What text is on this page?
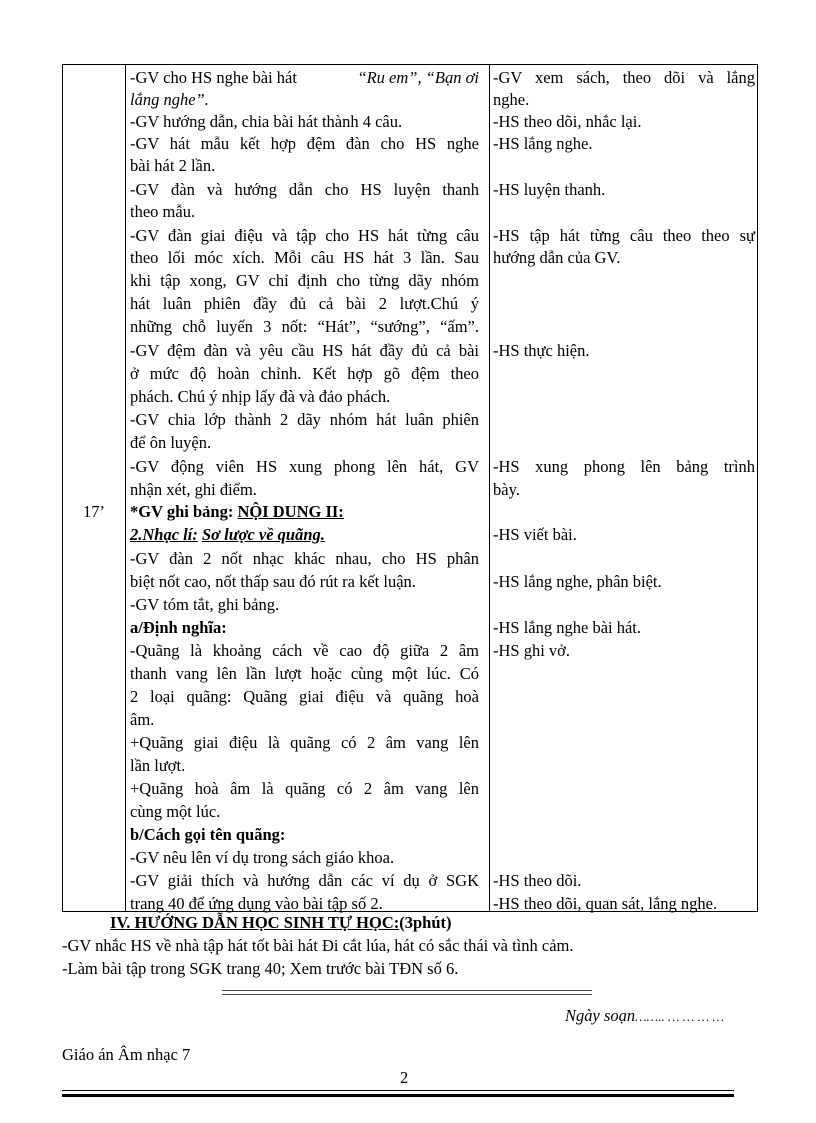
17’
-GV cho HS nghe bài hát	“Ru em”, “Bạn ơi
lắng nghe”.
-GV hướng dẫn, chia bài hát thành 4 câu.
-GV hát mẫu kết hợp đệm đàn cho HS nghe
bài hát 2 lần.
-GV đàn và hướng dẫn cho HS luyện thanh
theo mẫu.
-GV đàn giai điệu và tập cho HS hát từng câu
theo lối móc xích. Mỗi câu HS hát 3 lần. Sau
khi tập xong, GV chỉ định cho từng dãy nhóm
hát luân phiên đầy đủ cả bài 2 lượt.Chú ý
những chỗ luyến 3 nốt: “Hát”, “sướng”, “ấm”.
-GV đệm đàn và yêu cầu HS hát đầy đủ cả bài
ở mức độ hoàn chỉnh. Kết hợp gõ đệm theo
phách. Chú ý nhịp lấy đà và đảo phách.
-GV chia lớp thành 2 dãy nhóm hát luân phiên
để ôn luyện.
-GV động viên HS xung phong lên hát, GV
nhận xét, ghi điểm.
*GV ghi bảng: NỘI DUNG II:
2.Nhạc lí: Sơ lược về quãng.
-GV đàn 2 nốt nhạc khác nhau, cho HS phân
biệt nốt cao, nốt thấp sau đó rút ra kết luận.
-GV tóm tắt, ghi bảng.
a/Định nghĩa:
-Quãng là khoảng cách về cao độ giữa 2 âm
thanh vang lên lần lượt hoặc cùng một lúc. Có
2 loại quãng: Quãng giai điệu và quãng hoà
âm.
+Quãng giai điệu là quãng có 2 âm vang lên
lần lượt.
+Quãng hoà âm là quãng có 2 âm vang lên
cùng một lúc.
b/Cách gọi tên quãng:
-GV nêu lên ví dụ trong sách giáo khoa.
-GV giải thích và hướng dẫn các ví dụ ở SGK
trang 40 để ứng dụng vào bài tập số 2.
-GV xem sách, theo dõi và lắng
nghe.
-HS theo dõi, nhắc lại.
-HS lắng nghe.
-HS luyện thanh.
-HS tập hát từng câu theo theo sự
hướng dẫn của GV.
-HS thực hiện.
-HS xung phong lên bảng trình
bày.
-HS viết bài.
-HS lắng nghe, phân biệt.
-HS lắng nghe bài hát.
-HS ghi vở.
-HS theo dõi.
-HS theo dõi, quan sát, lắng nghe.
IV. HƯỚNG DẪN HỌC SINH TỰ HỌC:(3phút)
-GV nhắc HS về nhà tập hát tốt bài hát Đi cắt lúa, hát có sắc thái và tình cảm.
-Làm bài tập trong SGK trang 40; Xem trước bài TĐN số 6.
=====================================
Ngày soạn…….. … … … …
Giáo án Âm nhạc 7
2
